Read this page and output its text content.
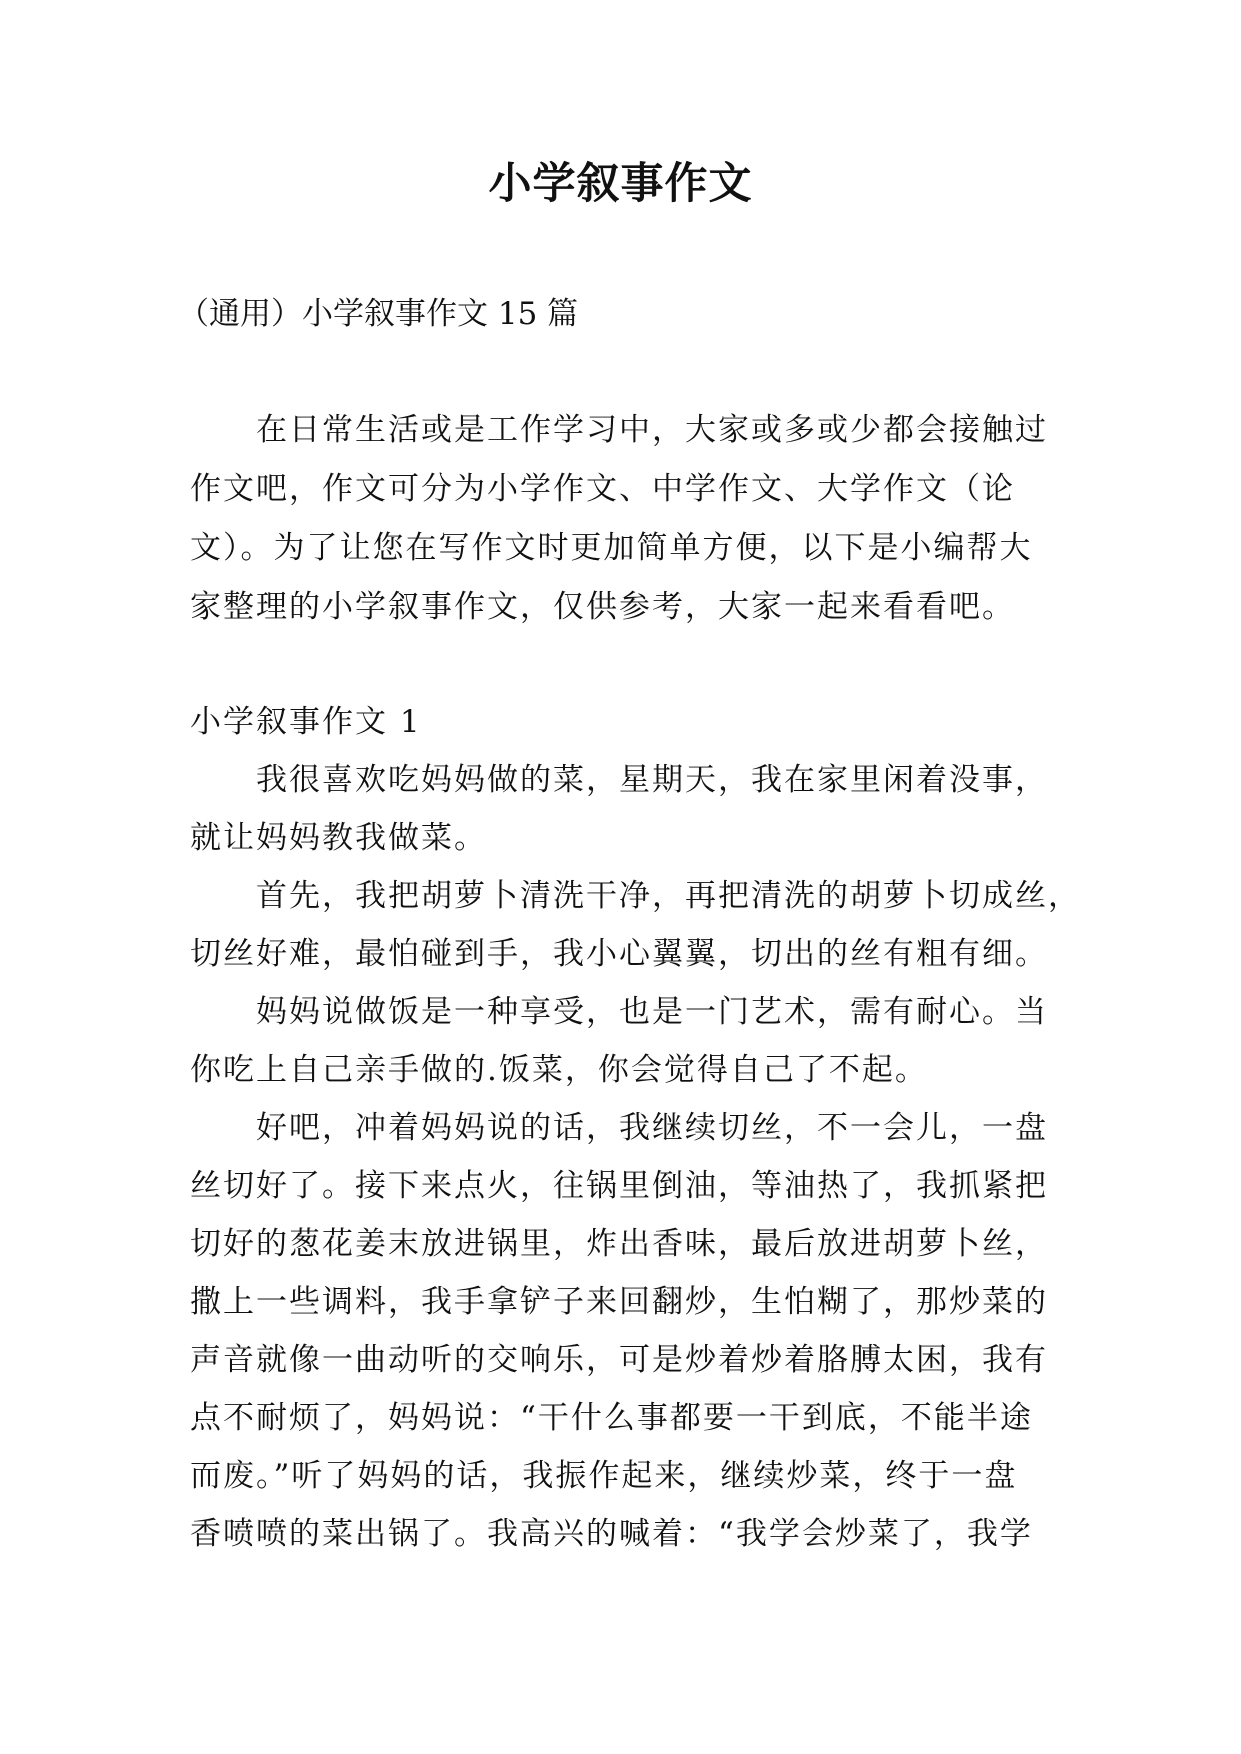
小学叙事作文
（通用）小学叙事作文 15 篇
　　在日常生活或是工作学习中，大家或多或少都会接触过
作文吧，作文可分为小学作文、中学作文、大学作文（论
文）。为了让您在写作文时更加简单方便，以下是小编帮大
家整理的小学叙事作文，仅供参考，大家一起来看看吧。
小学叙事作文 1
　　我很喜欢吃妈妈做的菜，星期天，我在家里闲着没事，
就让妈妈教我做菜。
　　首先，我把胡萝卜清洗干净，再把清洗的胡萝卜切成丝，
切丝好难，最怕碰到手，我小心翼翼，切出的丝有粗有细。
　　妈妈说做饭是一种享受，也是一门艺术，需有耐心。当
你吃上自己亲手做的.饭菜，你会觉得自己了不起。
　　好吧，冲着妈妈说的话，我继续切丝，不一会儿，一盘
丝切好了。接下来点火，往锅里倒油，等油热了，我抓紧把
切好的葱花姜末放进锅里，炸出香味，最后放进胡萝卜丝，
撒上一些调料，我手拿铲子来回翻炒，生怕糊了，那炒菜的
声音就像一曲动听的交响乐，可是炒着炒着胳膊太困，我有
点不耐烦了，妈妈说：“干什么事都要一干到底，不能半途
而废。”听了妈妈的话，我振作起来，继续炒菜，终于一盘
香喷喷的菜出锅了。我高兴的喊着：“我学会炒菜了，我学
